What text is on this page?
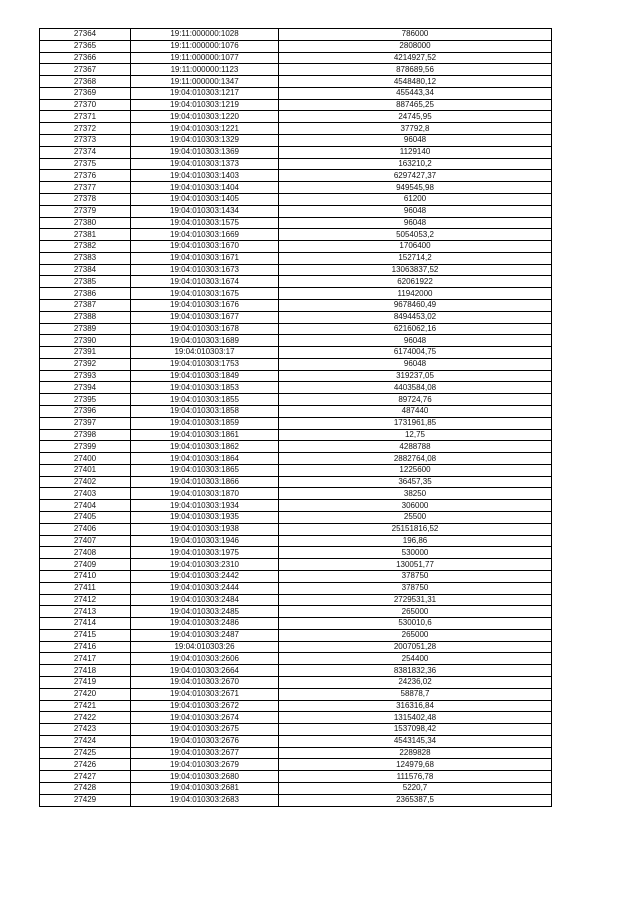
27364	19:11:000000:1028	786000
27365	19:11:000000:1076	2808000
27366	19:11:000000:1077	4214927,52
27367	19:11:000000:1123	878689,56
27368	19:11:000000:1347	4548480,12
27369	19:04:010303:1217	455443,34
27370	19:04:010303:1219	887465,25
27371	19:04:010303:1220	24745,95
27372	19:04:010303:1221	37792,8
27373	19:04:010303:1329	96048
27374	19:04:010303:1369	1129140
27375	19:04:010303:1373	163210,2
27376	19:04:010303:1403	6297427,37
27377	19:04:010303:1404	949545,98
27378	19:04:010303:1405	61200
27379	19:04:010303:1434	96048
27380	19:04:010303:1575	96048
27381	19:04:010303:1669	5054053,2
27382	19:04:010303:1670	1706400
27383	19:04:010303:1671	152714,2
27384	19:04:010303:1673	13063837,52
27385	19:04:010303:1674	62061922
27386	19:04:010303:1675	11942000
27387	19:04:010303:1676	9678460,49
27388	19:04:010303:1677	8494453,02
27389	19:04:010303:1678	6216062,16
27390	19:04:010303:1689	96048
27391	19:04:010303:17	6174004,75
27392	19:04:010303:1753	96048
27393	19:04:010303:1849	319237,05
27394	19:04:010303:1853	4403584,08
27395	19:04:010303:1855	89724,76
27396	19:04:010303:1858	487440
27397	19:04:010303:1859	1731961,85
27398	19:04:010303:1861	12,75
27399	19:04:010303:1862	4288788
27400	19:04:010303:1864	2882764,08
27401	19:04:010303:1865	1225600
27402	19:04:010303:1866	36457,35
27403	19:04:010303:1870	38250
27404	19:04:010303:1934	306000
27405	19:04:010303:1935	25500
27406	19:04:010303:1938	25151816,52
27407	19:04:010303:1946	196,86
27408	19:04:010303:1975	530000
27409	19:04:010303:2310	130051,77
27410	19:04:010303:2442	378750
27411	19:04:010303:2444	378750
27412	19:04:010303:2484	2729531,31
27413	19:04:010303:2485	265000
27414	19:04:010303:2486	530010,6
27415	19:04:010303:2487	265000
27416	19:04:010303:26	2007051,28
27417	19:04:010303:2606	254400
27418	19:04:010303:2664	8381832,36
27419	19:04:010303:2670	24236,02
27420	19:04:010303:2671	58878,7
27421	19:04:010303:2672	316316,84
27422	19:04:010303:2674	1315402,48
27423	19:04:010303:2675	1537098,42
27424	19:04:010303:2676	4543145,34
27425	19:04:010303:2677	2289828
27426	19:04:010303:2679	124979,68
27427	19:04:010303:2680	111576,78
27428	19:04:010303:2681	5220,7
27429	19:04:010303:2683	2365387,5
